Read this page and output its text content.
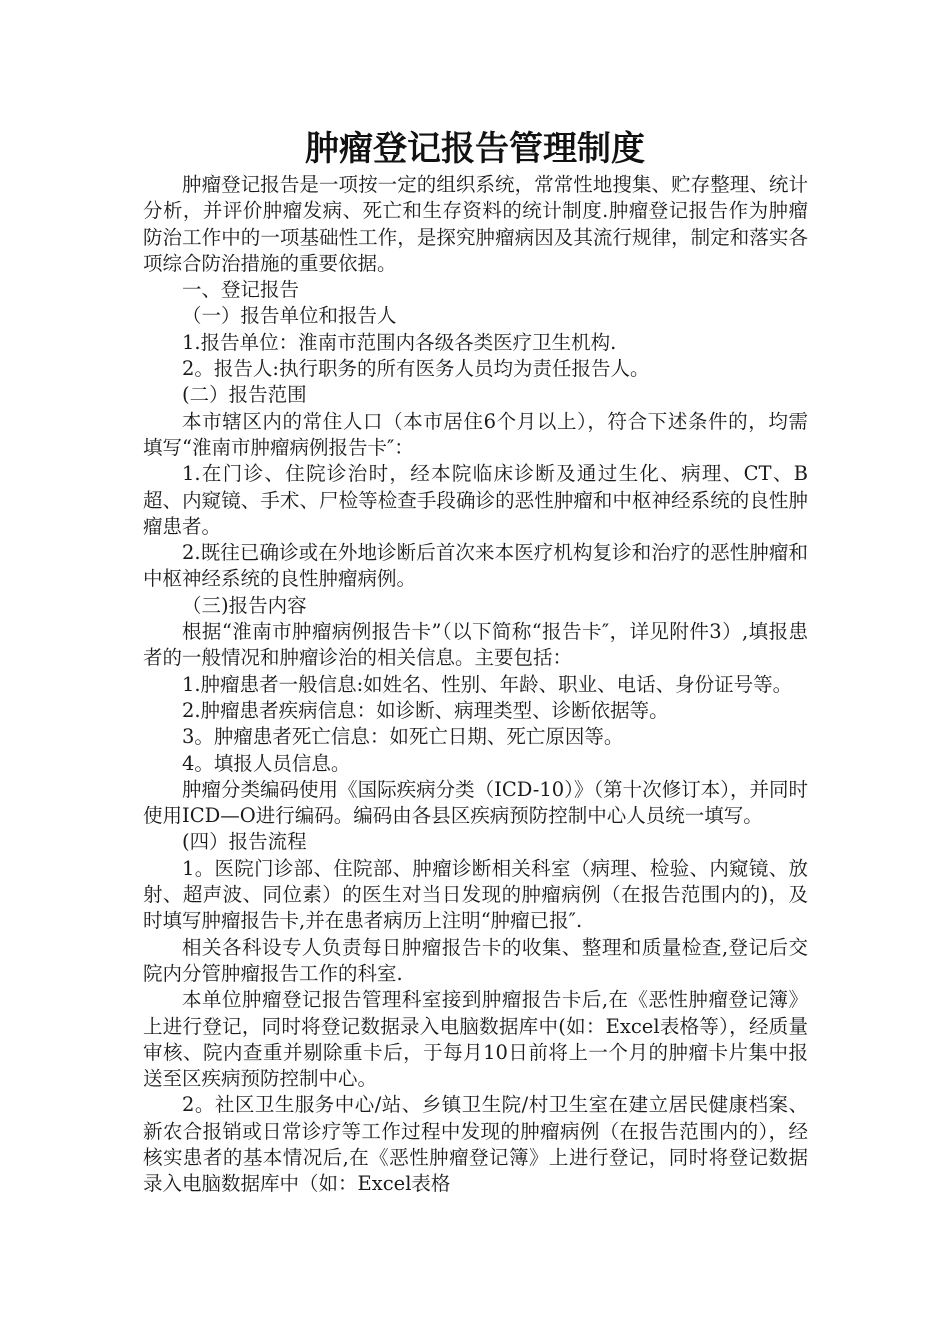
肿瘤登记报告管理制度

肿瘤登记报告是一项按一定的组织系统，常常性地搜集、贮存整理、统计分析，并评价肿瘤发病、死亡和生存资料的统计制度.肿瘤登记报告作为肿瘤防治工作中的一项基础性工作，是探究肿瘤病因及其流行规律，制定和落实各项综合防治措施的重要依据。

一、登记报告

（一）报告单位和报告人

1.报告单位：淮南市范围内各级各类医疗卫生机构.

2。报告人:执行职务的所有医务人员均为责任报告人。

(二）报告范围

本市辖区内的常住人口（本市居住6个月以上），符合下述条件的，均需填写“淮南市肿瘤病例报告卡″：

1.在门诊、住院诊治时，经本院临床诊断及通过生化、病理、CT、B超、内窥镜、手术、尸检等检查手段确诊的恶性肿瘤和中枢神经系统的良性肿瘤患者。

2.既往已确诊或在外地诊断后首次来本医疗机构复诊和治疗的恶性肿瘤和中枢神经系统的良性肿瘤病例。

（三)报告内容

根据“淮南市肿瘤病例报告卡”（以下简称“报告卡″，详见附件3）,填报患者的一般情况和肿瘤诊治的相关信息。主要包括：

1.肿瘤患者一般信息:如姓名、性别、年龄、职业、电话、身份证号等。

2.肿瘤患者疾病信息：如诊断、病理类型、诊断依据等。

3。肿瘤患者死亡信息：如死亡日期、死亡原因等。

4。填报人员信息。

肿瘤分类编码使用《国际疾病分类（ICD-10）》（第十次修订本），并同时使用ICD—O进行编码。编码由各县区疾病预防控制中心人员统一填写。

(四）报告流程

1。医院门诊部、住院部、肿瘤诊断相关科室（病理、检验、内窥镜、放射、超声波、同位素）的医生对当日发现的肿瘤病例（在报告范围内的)，及时填写肿瘤报告卡,并在患者病历上注明“肿瘤已报″.

相关各科设专人负责每日肿瘤报告卡的收集、整理和质量检查,登记后交院内分管肿瘤报告工作的科室.

本单位肿瘤登记报告管理科室接到肿瘤报告卡后,在《恶性肿瘤登记簿》上进行登记，同时将登记数据录入电脑数据库中(如：Excel表格等），经质量审核、院内查重并剔除重卡后，于每月10日前将上一个月的肿瘤卡片集中报送至区疾病预防控制中心。

2。社区卫生服务中心/站、乡镇卫生院/村卫生室在建立居民健康档案、新农合报销或日常诊疗等工作过程中发现的肿瘤病例（在报告范围内的），经核实患者的基本情况后,在《恶性肿瘤登记簿》上进行登记，同时将登记数据录入电脑数据库中（如：Excel表格
